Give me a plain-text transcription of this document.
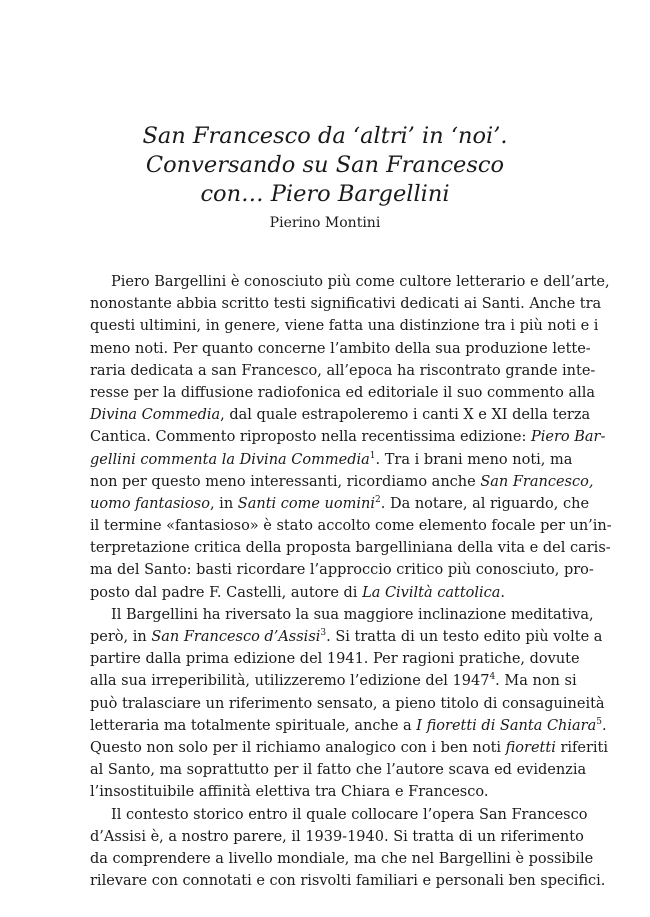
San Francesco da ‘altri’ in ‘noi’.
Conversando su San Francesco
con… Piero Bargellini
Pierino Montini
Piero Bargellini è conosciuto più come cultore letterario e dell’arte,
nonostante abbia scritto testi significativi dedicati ai Santi. Anche tra
questi ultimini, in genere, viene fatta una distinzione tra i più noti e i
meno noti. Per quanto concerne l’ambito della sua produzione lette-
raria dedicata a san Francesco, all’epoca ha riscontrato grande inte-
resse per la diffusione radiofonica ed editoriale il suo commento alla
Divina Commedia, dal quale estrapoleremo i canti X e XI della terza
Cantica. Commento riproposto nella recentissima edizione: Piero Bar-
gellini commenta la Divina Commedia$^1$. Tra i brani meno noti, ma
non per questo meno interessanti, ricordiamo anche San Francesco,
uomo fantasioso, in Santi come uomini$^2$. Da notare, al riguardo, che
il termine «fantasioso» è stato accolto come elemento focale per un’in-
terpretazione critica della proposta bargelliniana della vita e del caris-
ma del Santo: basti ricordare l’approccio critico più conosciuto, pro-
posto dal padre F. Castelli, autore di La Civiltà cattolica.
Il Bargellini ha riversato la sua maggiore inclinazione meditativa,
però, in San Francesco d’Assisi$^3$. Si tratta di un testo edito più volte a
partire dalla prima edizione del 1941. Per ragioni pratiche, dovute
alla sua irreperibilità, utilizzeremo l’edizione del 1947$^4$. Ma non si
può tralasciare un riferimento sensato, a pieno titolo di consaguineità
letteraria ma totalmente spirituale, anche a I fioretti di Santa Chiara$^5$.
Questo non solo per il richiamo analogico con i ben noti fioretti riferiti
al Santo, ma soprattutto per il fatto che l’autore scava ed evidenzia
l’insostituibile affinità elettiva tra Chiara e Francesco.
Il contesto storico entro il quale collocare l’opera San Francesco
d’Assisi è, a nostro parere, il 1939-1940. Si tratta di un riferimento
da comprendere a livello mondiale, ma che nel Bargellini è possibile
rilevare con connotati e con risvolti familiari e personali ben specifici.
